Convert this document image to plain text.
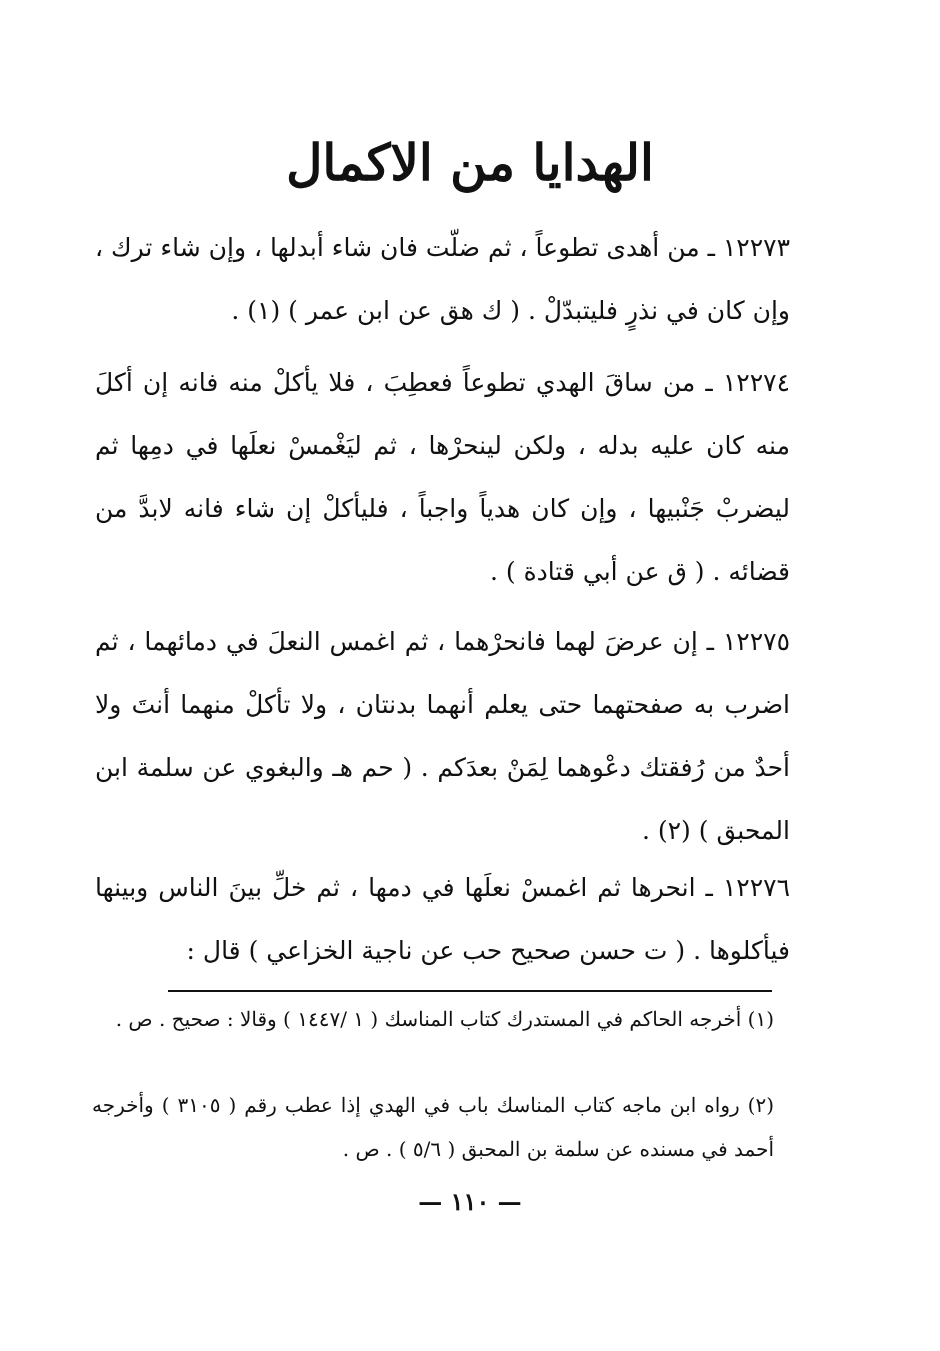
الهدايا من الاكمال
١٢٢٧٣ ـ من أهدى تطوعاً ، ثم ضلّت فان شاء أبدلها ، وإن شاء ترك ، وإن كان في نذرٍ فليتبدّلْ . ( ك هق عن ابن عمر ) (١) .
١٢٢٧٤ ـ من ساقَ الهدي تطوعاً فعطِبَ ، فلا يأكلْ منه فانه إن أكلَ منه كان عليه بدله ، ولكن لينحرْها ، ثم ليَغْمسْ نعلَها في دمِها ثم ليضربْ جَنْبيها ، وإن كان هدياً واجباً ، فليأكلْ إن شاء فانه لابدَّ من قضائه . ( ق عن أبي قتادة ) .
١٢٢٧٥ ـ إن عرضَ لهما فانحرْهما ، ثم اغمس النعلَ في دمائهما ، ثم اضرب به صفحتهما حتى يعلم أنهما بدنتان ، ولا تأكلْ منهما أنتَ ولا أحدٌ من رُفقتك دعْوهما لِمَنْ بعدَكم . ( حم هـ والبغوي عن سلمة ابن المحبق ) (٢) .
١٢٢٧٦ ـ انحرها ثم اغمسْ نعلَها في دمها ، ثم خلِّ بينَ الناس وبينها فيأكلوها . ( ت حسن صحيح حب عن ناجية الخزاعي ) قال :
(١) أخرجه الحاكم في المستدرك كتاب المناسك ( ١ /١٤٤٧ ) وقالا : صحيح . ص .
(٢) رواه ابن ماجه كتاب المناسك باب في الهدي إذا عطب رقم ( ٣١٠٥ ) وأخرجه أحمد في مسنده عن سلمة بن المحبق ( ٥/٦ ) . ص .
— ١١٠ —
